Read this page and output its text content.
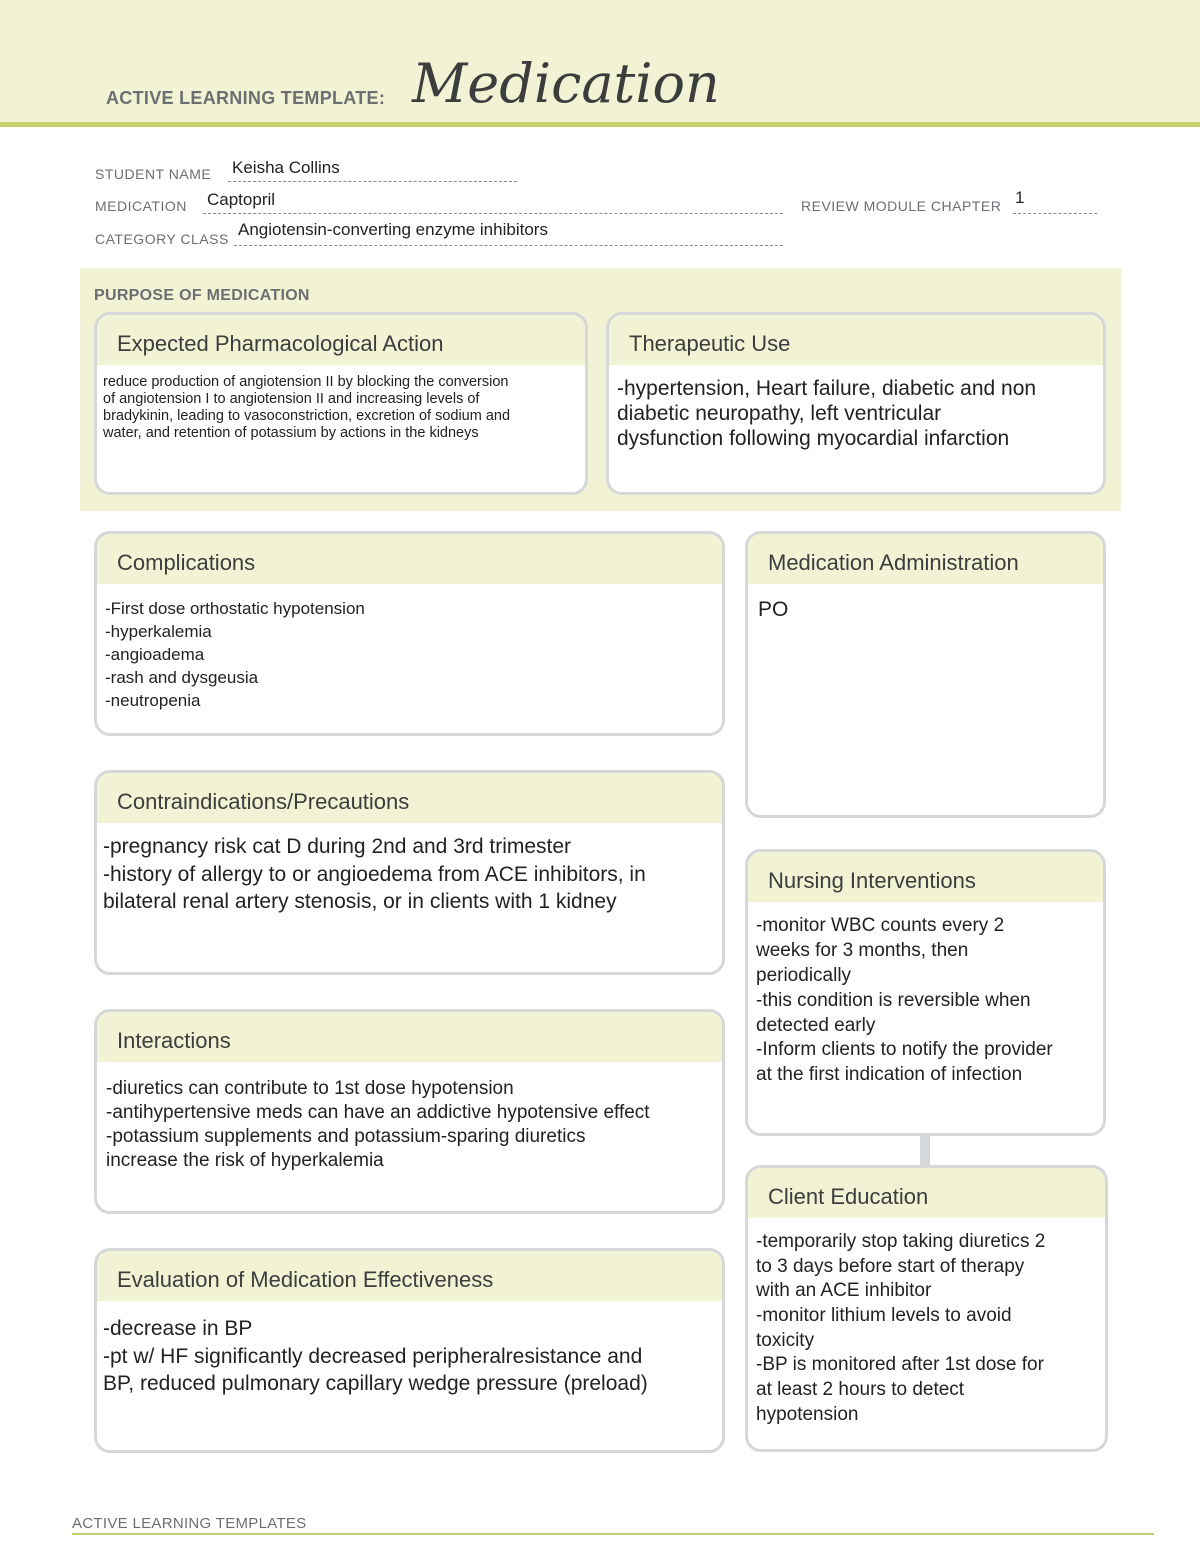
ACTIVE LEARNING TEMPLATE: Medication
STUDENT NAME Keisha Collins
MEDICATION Captopril	REVIEW MODULE CHAPTER 1
CATEGORY CLASS Angiotensin-converting enzyme inhibitors
PURPOSE OF MEDICATION
Expected Pharmacological Action
reduce production of angiotension II by blocking the conversion
of angiotension I to angiotension II and increasing levels of
bradykinin, leading to vasoconstriction, excretion of sodium and
water, and retention of potassium by actions in the kidneys
Therapeutic Use
-hypertension, Heart failure, diabetic and non
diabetic neuropathy, left ventricular
dysfunction following myocardial infarction
Complications
-First dose orthostatic hypotension
-hyperkalemia
-angioadema
-rash and dysgeusia
-neutropenia
Medication Administration
PO
Contraindications/Precautions
-pregnancy risk cat D during 2nd and 3rd trimester
-history of allergy to or angioedema from ACE inhibitors, in
bilateral renal artery stenosis, or in clients with 1 kidney
Nursing Interventions
-monitor WBC counts every 2
weeks for 3 months, then
periodically
-this condition is reversible when
detected early
-Inform clients to notify the provider
at the first indication of infection
Interactions
-diuretics can contribute to 1st dose hypotension
-antihypertensive meds can have an addictive hypotensive effect
-potassium supplements and potassium-sparing diuretics
increase the risk of hyperkalemia
Client Education
-temporarily stop taking diuretics 2
to 3 days before start of therapy
with an ACE inhibitor
-monitor lithium levels to avoid
toxicity
-BP is monitored after 1st dose for
at least 2 hours to detect
hypotension
Evaluation of Medication Effectiveness
-decrease in BP
-pt w/ HF significantly decreased peripheralresistance and
BP, reduced pulmonary capillary wedge pressure (preload)
ACTIVE LEARNING TEMPLATES
